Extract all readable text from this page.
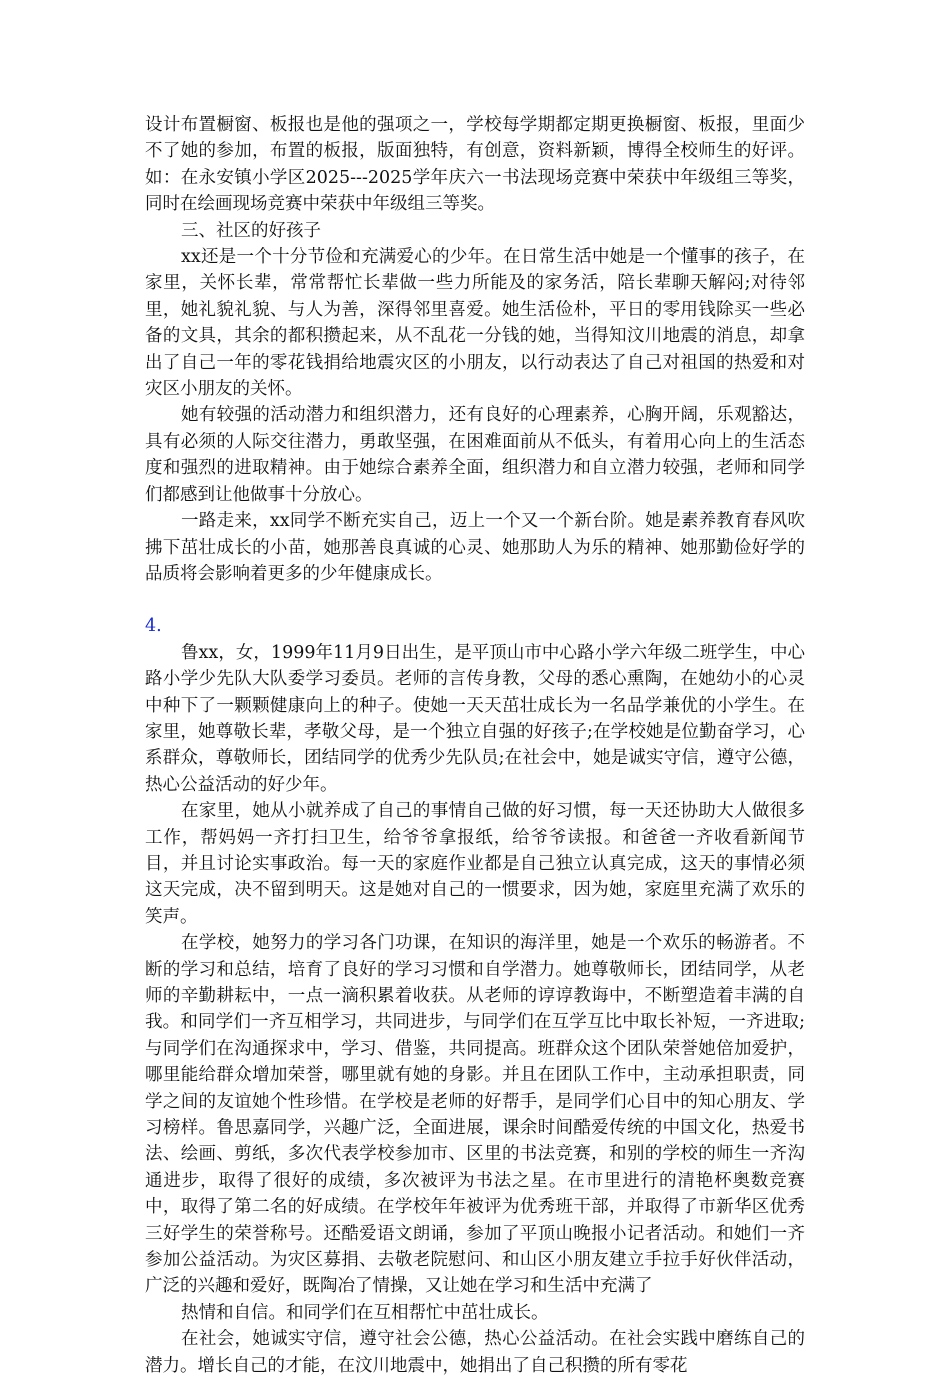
设计布置橱窗、板报也是他的强项之一，学校每学期都定期更换橱窗、板报，里面少不了她的参加，布置的板报，版面独特，有创意，资料新颖，博得全校师生的好评。如：在永安镇小学区2025---2025学年庆六一书法现场竞赛中荣获中年级组三等奖，同时在绘画现场竞赛中荣获中年级组三等奖。

三、社区的好孩子

xx还是一个十分节俭和充满爱心的少年。在日常生活中她是一个懂事的孩子，在家里，关怀长辈，常常帮忙长辈做一些力所能及的家务活，陪长辈聊天解闷;对待邻里，她礼貌礼貌、与人为善，深得邻里喜爱。她生活俭朴，平日的零用钱除买一些必备的文具，其余的都积攒起来，从不乱花一分钱的她，当得知汶川地震的消息，却拿出了自己一年的零花钱捐给地震灾区的小朋友，以行动表达了自己对祖国的热爱和对灾区小朋友的关怀。

她有较强的活动潜力和组织潜力，还有良好的心理素养，心胸开阔，乐观豁达，具有必须的人际交往潜力，勇敢坚强，在困难面前从不低头，有着用心向上的生活态度和强烈的进取精神。由于她综合素养全面，组织潜力和自立潜力较强，老师和同学们都感到让他做事十分放心。

一路走来，xx同学不断充实自己，迈上一个又一个新台阶。她是素养教育春风吹拂下茁壮成长的小苗，她那善良真诚的心灵、她那助人为乐的精神、她那勤俭好学的品质将会影响着更多的少年健康成长。

4.

鲁xx，女，1999年11月9日出生，是平顶山市中心路小学六年级二班学生，中心路小学少先队大队委学习委员。老师的言传身教，父母的悉心熏陶，在她幼小的心灵中种下了一颗颗健康向上的种子。使她一天天茁壮成长为一名品学兼优的小学生。在家里，她尊敬长辈，孝敬父母，是一个独立自强的好孩子;在学校她是位勤奋学习，心系群众，尊敬师长，团结同学的优秀少先队员;在社会中，她是诚实守信，遵守公德，热心公益活动的好少年。

在家里，她从小就养成了自己的事情自己做的好习惯，每一天还协助大人做很多工作，帮妈妈一齐打扫卫生，给爷爷拿报纸，给爷爷读报。和爸爸一齐收看新闻节目，并且讨论实事政治。每一天的家庭作业都是自己独立认真完成，这天的事情必须这天完成，决不留到明天。这是她对自己的一惯要求，因为她，家庭里充满了欢乐的笑声。

在学校，她努力的学习各门功课，在知识的海洋里，她是一个欢乐的畅游者。不断的学习和总结，培育了良好的学习习惯和自学潜力。她尊敬师长，团结同学，从老师的辛勤耕耘中，一点一滴积累着收获。从老师的谆谆教诲中，不断塑造着丰满的自我。和同学们一齐互相学习，共同进步，与同学们在互学互比中取长补短，一齐进取;与同学们在沟通探求中，学习、借鉴，共同提高。班群众这个团队荣誉她倍加爱护，哪里能给群众增加荣誉，哪里就有她的身影。并且在团队工作中，主动承担职责，同学之间的友谊她个性珍惜。在学校是老师的好帮手，是同学们心目中的知心朋友、学习榜样。鲁思嘉同学，兴趣广泛，全面进展，课余时间酷爱传统的中国文化，热爱书法、绘画、剪纸，多次代表学校参加市、区里的书法竞赛，和别的学校的师生一齐沟通进步，取得了很好的成绩，多次被评为书法之星。在市里进行的清艳杯奥数竞赛中，取得了第二名的好成绩。在学校年年被评为优秀班干部，并取得了市新华区优秀三好学生的荣誉称号。还酷爱语文朗诵，参加了平顶山晚报小记者活动。和她们一齐参加公益活动。为灾区募捐、去敬老院慰问、和山区小朋友建立手拉手好伙伴活动，广泛的兴趣和爱好，既陶冶了情操，又让她在学习和生活中充满了

热情和自信。和同学们在互相帮忙中茁壮成长。

在社会，她诚实守信，遵守社会公德，热心公益活动。在社会实践中磨练自己的潜力。增长自己的才能，在汶川地震中，她捐出了自己积攒的所有零花
